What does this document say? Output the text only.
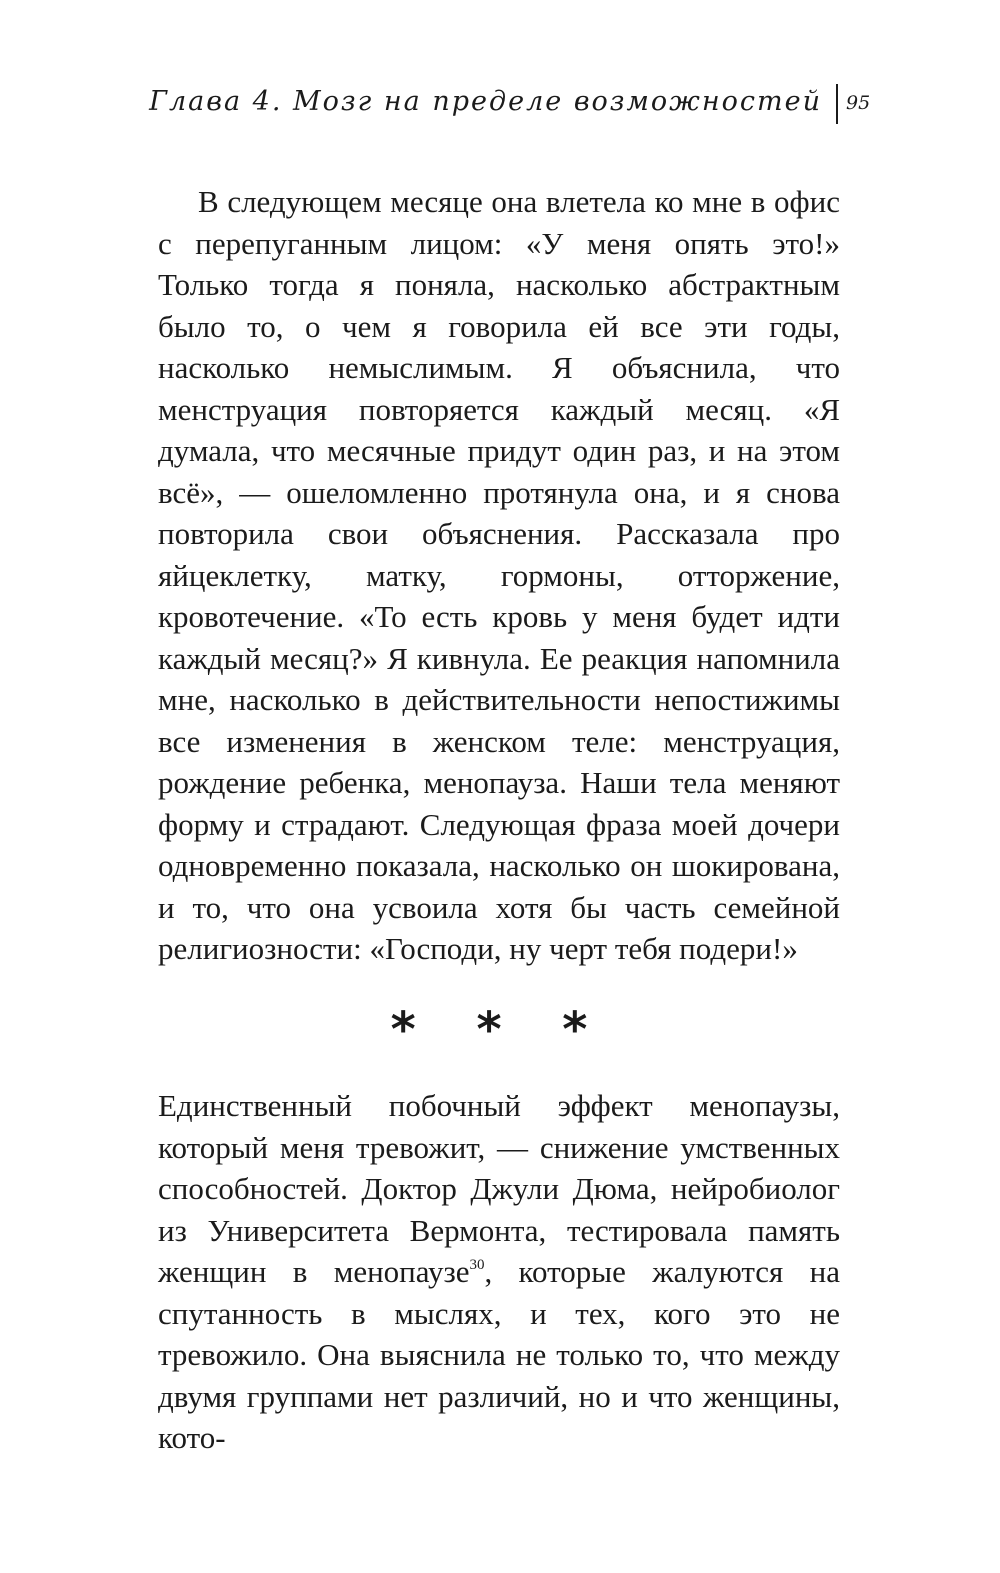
Глава 4. Мозг на пределе возможностей 95

В следующем месяце она влетела ко мне в офис с перепуганным лицом: «У меня опять это!» Только тогда я поняла, насколько абстрактным было то, о чем я говорила ей все эти годы, насколько немыслимым. Я объяснила, что менструация повторяется каждый месяц. «Я думала, что месячные придут один раз, и на этом всё», — ошеломленно протянула она, и я снова повторила свои объяснения. Рассказала про яйцеклетку, матку, гормоны, отторжение, кровотечение. «То есть кровь у меня будет идти каждый месяц?» Я кивнула. Ее реакция напомнила мне, насколько в действительности непостижимы все изменения в женском теле: менструация, рождение ребенка, менопауза. Наши тела меняют форму и страдают. Следующая фраза моей дочери одновременно показала, насколько он шокирована, и то, что она усвоила хотя бы часть семейной религиозности: «Господи, ну черт тебя подери!»

* * *

Единственный побочный эффект менопаузы, который меня тревожит, — снижение умственных способностей. Доктор Джули Дюма, нейробиолог из Университета Вермонта, тестировала память женщин в менопаузе$^{30}$, которые жалуются на спутанность в мыслях, и тех, кого это не тревожило. Она выяснила не только то, что между двумя группами нет различий, но и что женщины, кото-
